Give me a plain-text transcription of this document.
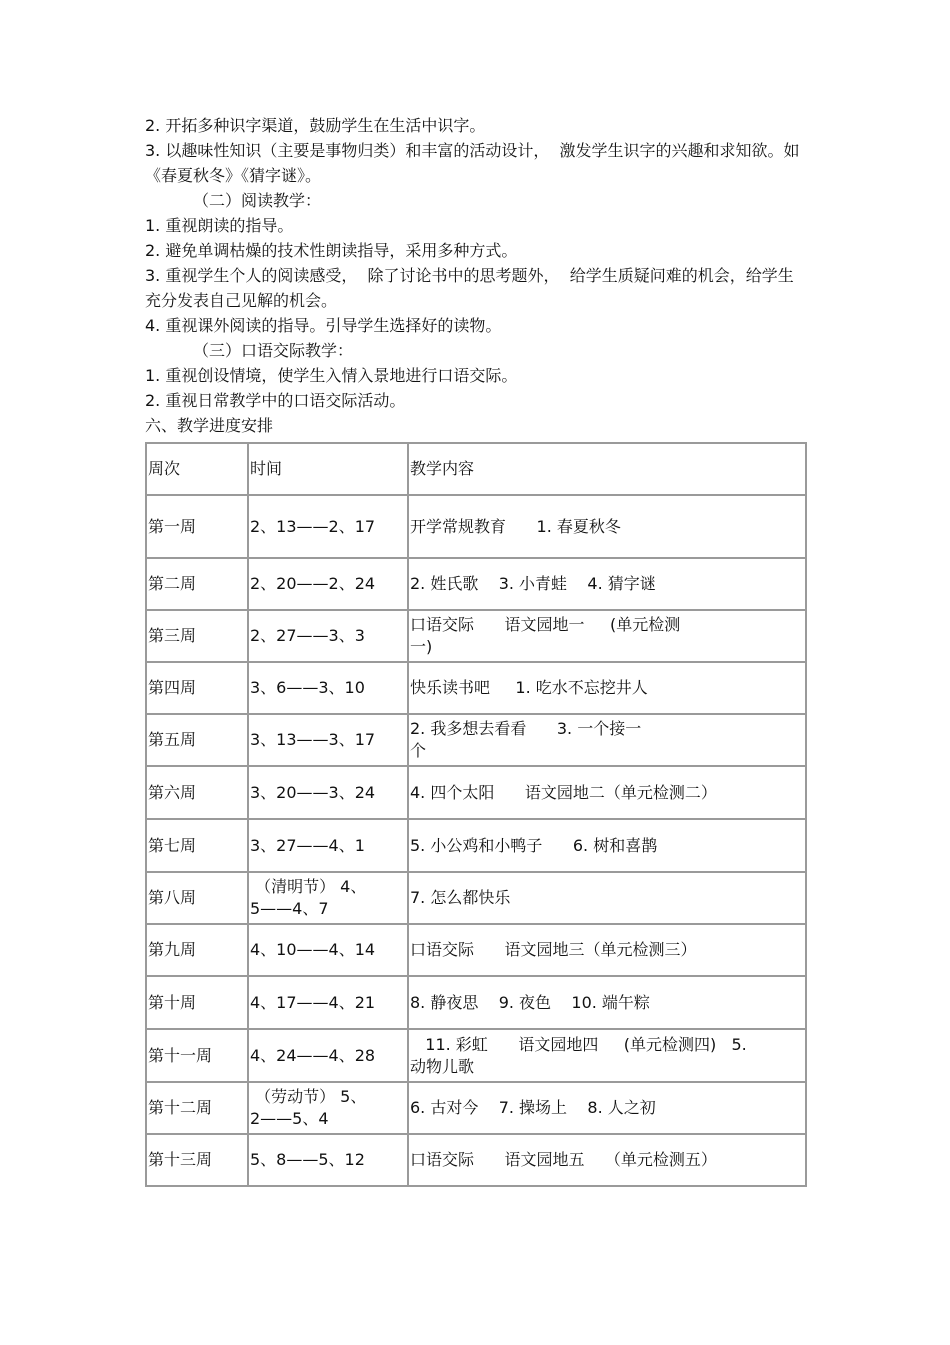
2. 开拓多种识字渠道，鼓励学生在生活中识字。

3. 以趣味性知识（主要是事物归类）和丰富的活动设计，  激发学生识字的兴趣和求知欲。如《春夏秋冬》《猜字谜》。

（二）阅读教学：

1. 重视朗读的指导。

2. 避免单调枯燥的技术性朗读指导，采用多种方式。

3. 重视学生个人的阅读感受，  除了讨论书中的思考题外，  给学生质疑问难的机会，给学生充分发表自己见解的机会。

4. 重视课外阅读的指导。引导学生选择好的读物。

（三）口语交际教学：

1. 重视创设情境，使学生入情入景地进行口语交际。

2. 重视日常教学中的口语交际活动。

六、教学进度安排

周次	时间	教学内容
第一周	2、13——2、17	开学常规教育      1. 春夏秋冬
第二周	2、20——2、24	2. 姓氏歌    3. 小青蛙    4. 猜字谜
第三周	2、27——3、3	口语交际      语文园地一     (单元检测
一)
第四周	3、6——3、10	快乐读书吧     1. 吃水不忘挖井人
第五周	3、13——3、17	2. 我多想去看看      3. 一个接一
个
第六周	3、20——3、24	4. 四个太阳      语文园地二（单元检测二）
第七周	3、27——4、1	5. 小公鸡和小鸭子      6. 树和喜鹊
第八周	（清明节） 4、
5——4、7	7. 怎么都快乐
第九周	4、10——4、14	口语交际      语文园地三（单元检测三）
第十周	4、17——4、21	8. 静夜思    9. 夜色    10. 端午粽
第十一周	4、24——4、28	11. 彩虹      语文园地四     (单元检测四)   5.
动物儿歌
第十二周	（劳动节） 5、
2——5、4	6. 古对今    7. 操场上    8. 人之初
第十三周	5、8——5、12	口语交际      语文园地五    （单元检测五）
